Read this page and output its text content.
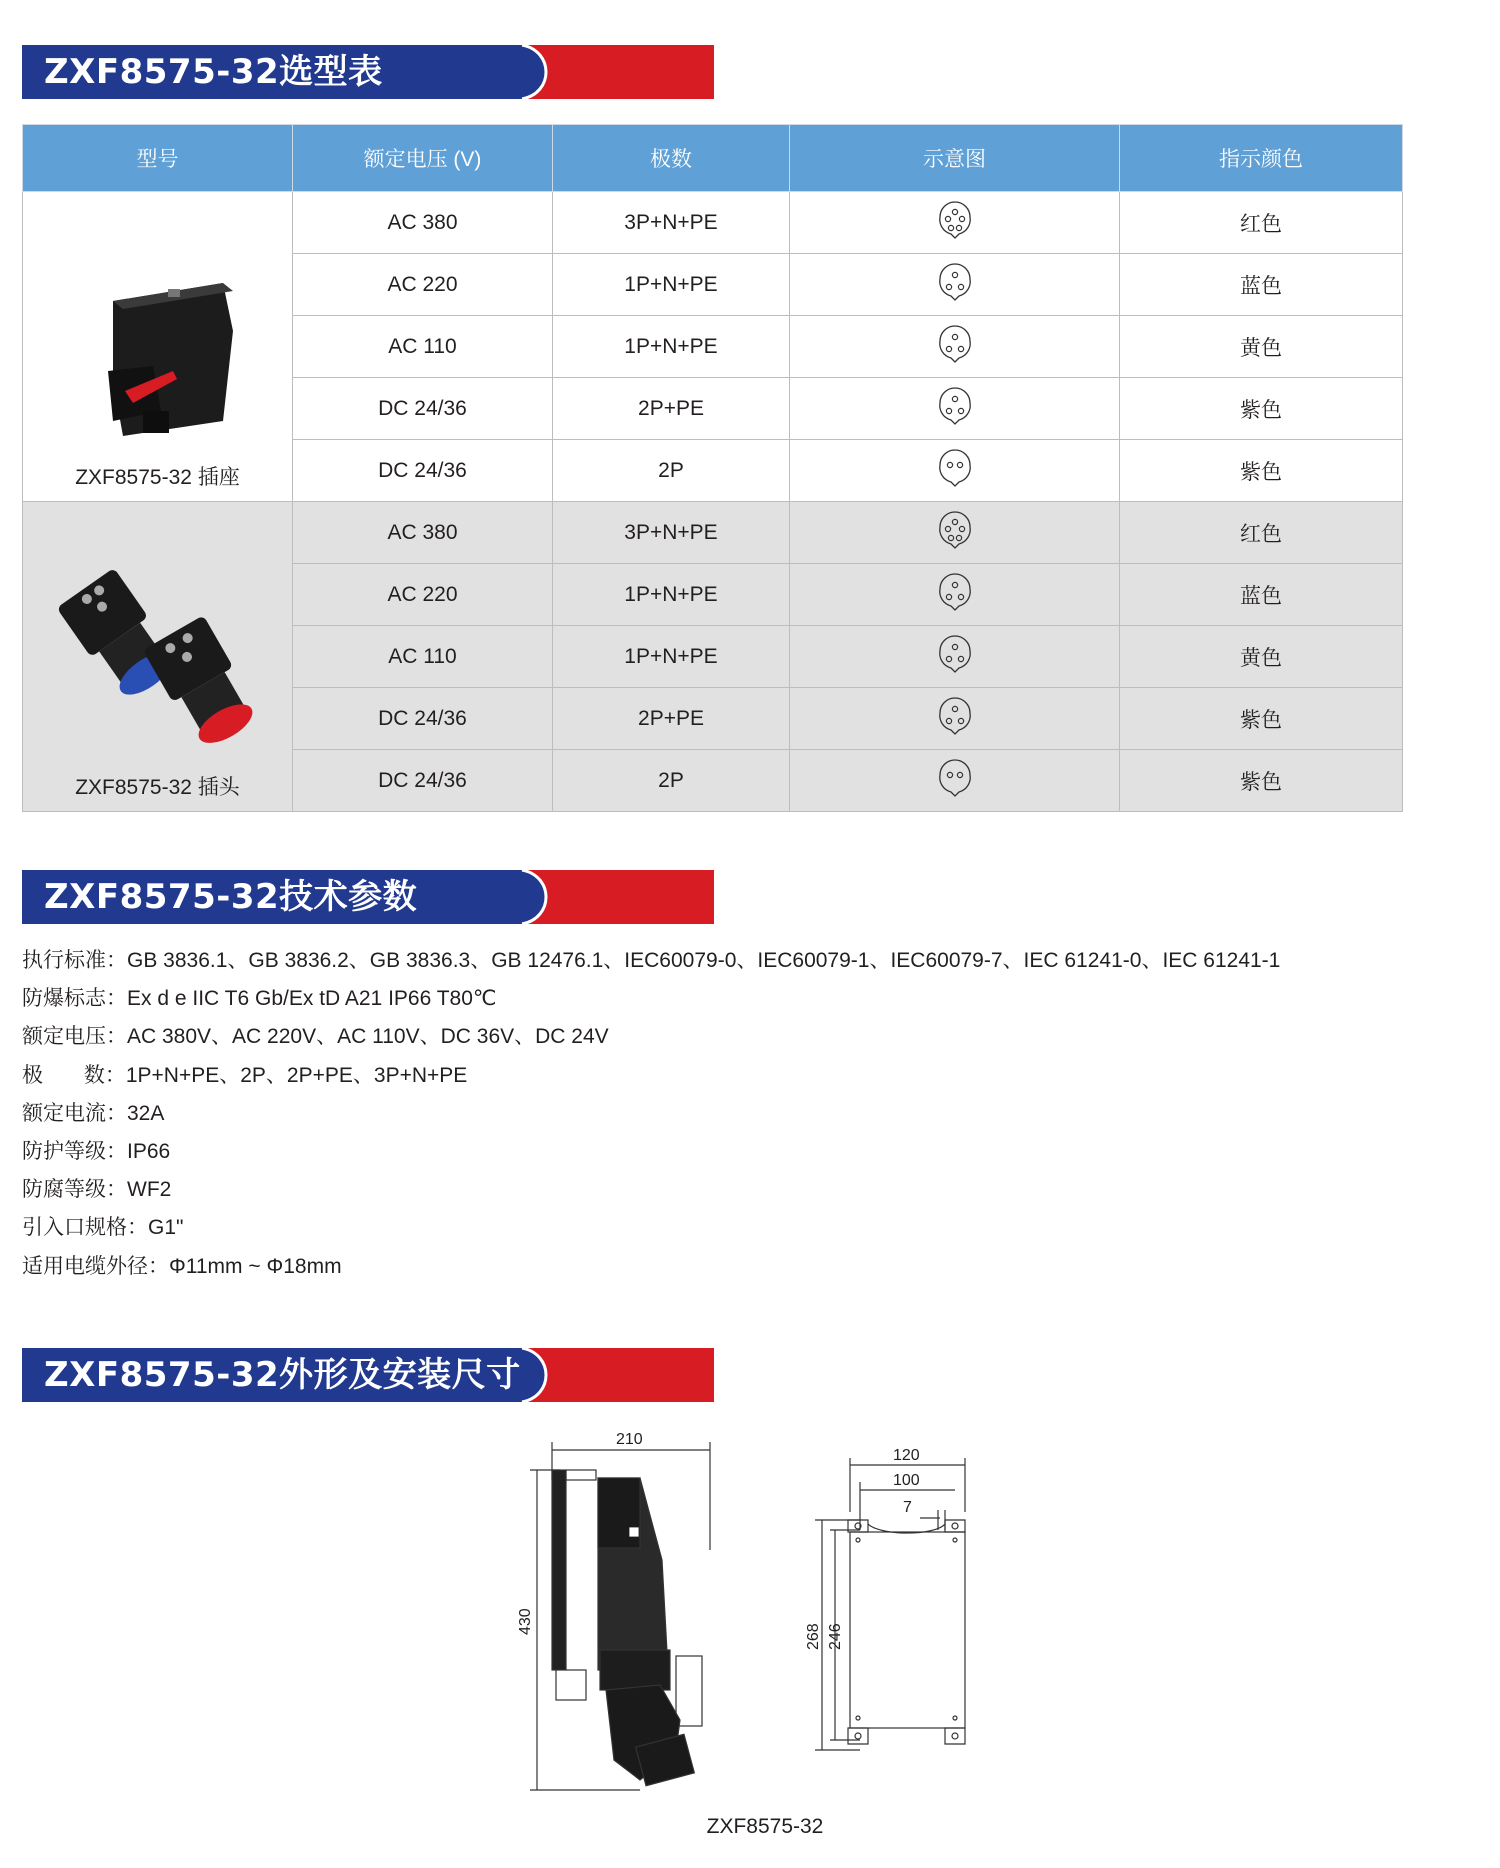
ZXF8575-32选型表
型号	额定电压 (V)	极数	示意图	指示颜色

ZXF8575-32 插座	AC 380	3P+N+PE		红色
	AC 220	1P+N+PE		蓝色
	AC 110	1P+N+PE		黄色
	DC 24/36	2P+PE		紫色
	DC 24/36	2P		紫色

ZXF8575-32 插头	AC 380	3P+N+PE		红色
	AC 220	1P+N+PE		蓝色
	AC 110	1P+N+PE		黄色
	DC 24/36	2P+PE		紫色
	DC 24/36	2P		紫色
ZXF8575-32技术参数
执行标准：GB 3836.1、GB 3836.2、GB 3836.3、GB 12476.1、IEC60079-0、IEC60079-1、IEC60079-7、IEC 61241-0、IEC 61241-1
防爆标志：Ex d e IIC T6 Gb/Ex tD A21 IP66 T80℃
额定电压：AC 380V、AC 220V、AC 110V、DC 36V、DC 24V
极       数：1P+N+PE、2P、2P+PE、3P+N+PE
额定电流：32A
防护等级：IP66
防腐等级：WF2
引入口规格：G1"
适用电缆外径：Φ11mm ~ Φ18mm
ZXF8575-32外形及安装尺寸
210
430
120
100
7
268 246
ZXF8575-32
